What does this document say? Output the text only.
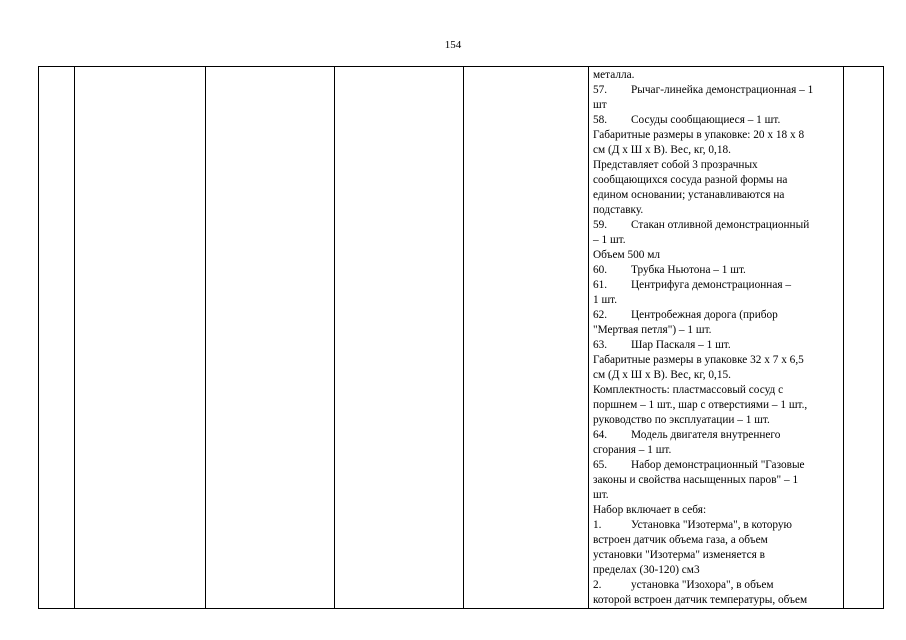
154

металла.
57. Рычаг-линейка демонстрационная – 1
шт
58. Сосуды сообщающиеся – 1 шт.
Габаритные размеры в упаковке: 20 х 18 х 8
см (Д х Ш х В). Вес, кг, 0,18.
Представляет собой 3 прозрачных
сообщающихся сосуда разной формы на
едином основании; устанавливаются на
подставку.
59. Стакан отливной демонстрационный
– 1 шт.
Объем 500 мл
60. Трубка Ньютона – 1 шт.
61. Центрифуга демонстрационная –
1 шт.
62. Центробежная дорога (прибор
"Мертвая петля") – 1 шт.
63. Шар Паскаля – 1 шт.
Габаритные размеры в упаковке 32 х 7 х 6,5
см (Д х Ш х В). Вес, кг, 0,15.
Комплектность: пластмассовый сосуд с
поршнем – 1 шт., шар с отверстиями – 1 шт.,
руководство по эксплуатации – 1 шт.
64. Модель двигателя внутреннего
сгорания – 1 шт.
65. Набор демонстрационный "Газовые
законы и свойства насыщенных паров" – 1
шт.
Набор включает в себя:
1.	Установка "Изотерма", в которую
встроен датчик объема газа, а объем
установки "Изотерма" изменяется в
пределах (30-120) см3
2.	установка "Изохора", в объем
которой встроен датчик температуры, объем
